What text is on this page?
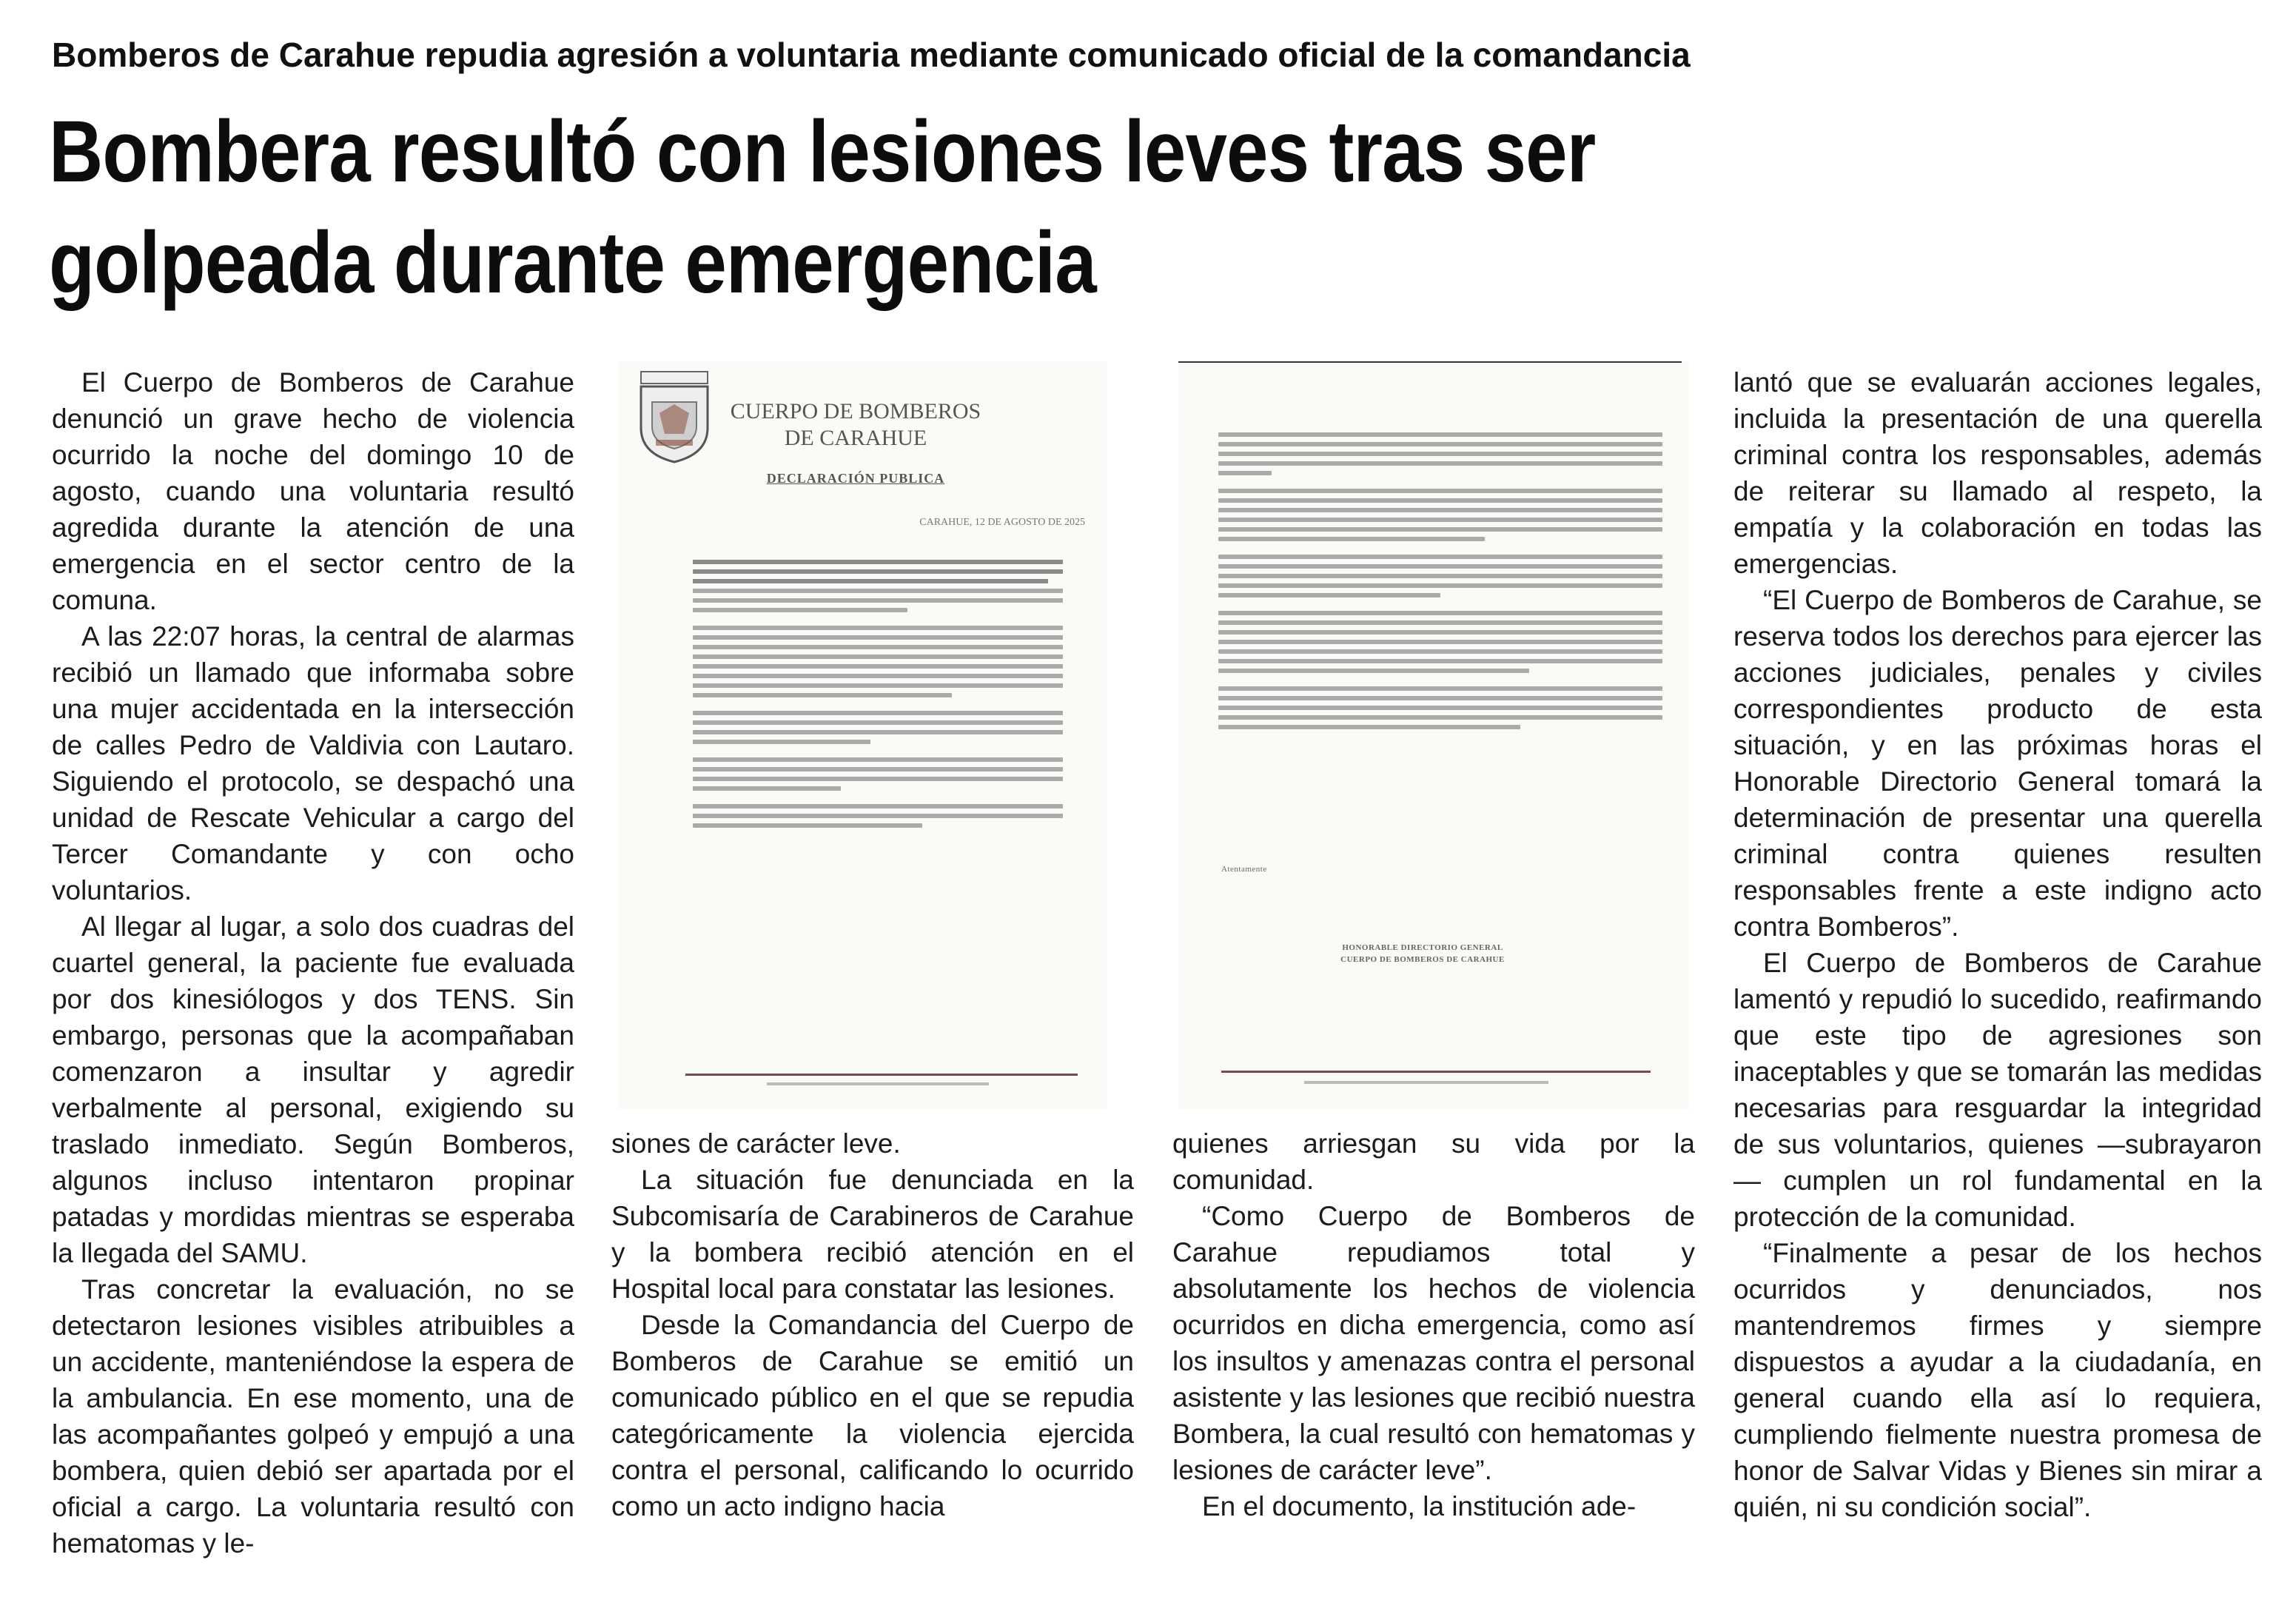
Bomberos de Carahue repudia agresión a voluntaria mediante comunicado oficial de la comandancia
Bombera resultó con lesiones leves tras ser
golpeada durante emergencia

El Cuerpo de Bomberos de Carahue denunció un grave hecho de violencia ocurrido la noche del domingo 10 de agosto, cuando una voluntaria resultó agredida durante la atención de una emergencia en el sector centro de la comuna.

A las 22:07 horas, la central de alarmas recibió un llamado que informaba sobre una mujer accidentada en la intersección de calles Pedro de Valdivia con Lautaro. Siguiendo el protocolo, se despachó una unidad de Rescate Vehicular a cargo del Tercer Comandante y con ocho voluntarios.

Al llegar al lugar, a solo dos cuadras del cuartel general, la paciente fue evaluada por dos kinesiólogos y dos TENS. Sin embargo, personas que la acompañaban comenzaron a insultar y agredir verbalmente al personal, exigiendo su traslado inmediato. Según Bomberos, algunos incluso intentaron propinar patadas y mordidas mientras se esperaba la llegada del SAMU.

Tras concretar la evaluación, no se detectaron lesiones visibles atribuibles a un accidente, manteniéndose la espera de la ambulancia. En ese momento, una de las acompañantes golpeó y empujó a una bombera, quien debió ser apartada por el oficial a cargo. La voluntaria resultó con hematomas y le-

CUERPO DE BOMBEROS
DE CARAHUE
DECLARACIÓN PUBLICA
CARAHUE, 12 DE AGOSTO DE 2025
Atentamente
HONORABLE DIRECTORIO GENERAL
CUERPO DE BOMBEROS DE CARAHUE

siones de carácter leve.

La situación fue denunciada en la Subcomisaría de Carabineros de Carahue y la bombera recibió atención en el Hospital local para constatar las lesiones.

Desde la Comandancia del Cuerpo de Bomberos de Carahue se emitió un comunicado público en el que se repudia categóricamente la violencia ejercida contra el personal, calificando lo ocurrido como un acto indigno hacia

quienes arriesgan su vida por la comunidad.

“Como Cuerpo de Bomberos de Carahue repudiamos total y absolutamente los hechos de violencia ocurridos en dicha emergencia, como así los insultos y amenazas contra el personal asistente y las lesiones que recibió nuestra Bombera, la cual resultó con hematomas y lesiones de carácter leve”.

En el documento, la institución ade-

lantó que se evaluarán acciones legales, incluida la presentación de una querella criminal contra los responsables, además de reiterar su llamado al respeto, la empatía y la colaboración en todas las emergencias.

“El Cuerpo de Bomberos de Carahue, se reserva todos los derechos para ejercer las acciones judiciales, penales y civiles correspondientes producto de esta situación, y en las próximas horas el Honorable Directorio General tomará la determinación de presentar una querella criminal contra quienes resulten responsables frente a este indigno acto contra Bomberos”.

El Cuerpo de Bomberos de Carahue lamentó y repudió lo sucedido, reafirmando que este tipo de agresiones son inaceptables y que se tomarán las medidas necesarias para resguardar la integridad de sus voluntarios, quienes —subrayaron— cumplen un rol fundamental en la protección de la comunidad.

“Finalmente a pesar de los hechos ocurridos y denunciados, nos mantendremos firmes y siempre dispuestos a ayudar a la ciudadanía, en general cuando ella así lo requiera, cumpliendo fielmente nuestra promesa de honor de Salvar Vidas y Bienes sin mirar a quién, ni su condición social”.
